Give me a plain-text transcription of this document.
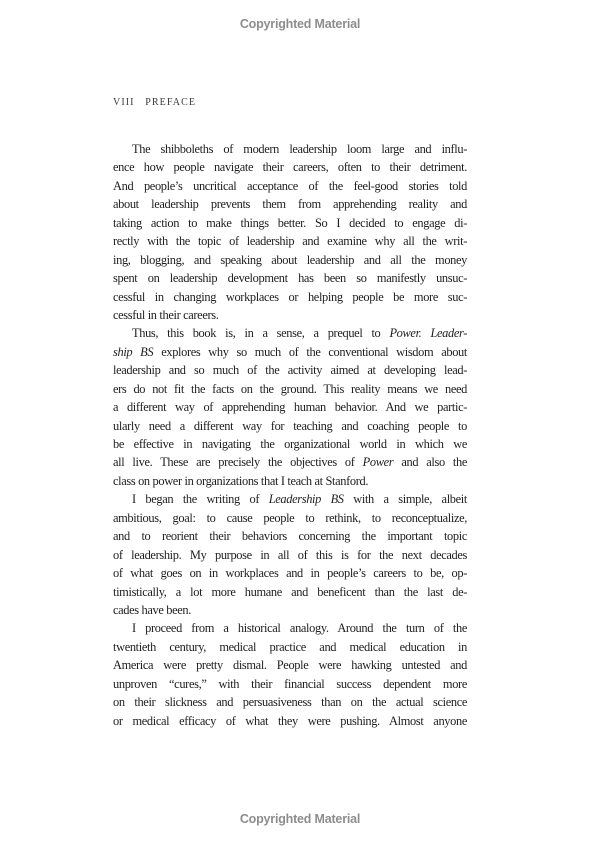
Copyrighted Material
VIII PREFACE
The shibboleths of modern leadership loom large and influ-
ence how people navigate their careers, often to their detriment.
And people’s uncritical acceptance of the feel-good stories told
about leadership prevents them from apprehending reality and
taking action to make things better. So I decided to engage di-
rectly with the topic of leadership and examine why all the writ-
ing, blogging, and speaking about leadership and all the money
spent on leadership development has been so manifestly unsuc-
cessful in changing workplaces or helping people be more suc-
cessful in their careers.
Thus, this book is, in a sense, a prequel to Power. Leader-
ship BS explores why so much of the conventional wisdom about
leadership and so much of the activity aimed at developing lead-
ers do not fit the facts on the ground. This reality means we need
a different way of apprehending human behavior. And we partic-
ularly need a different way for teaching and coaching people to
be effective in navigating the organizational world in which we
all live. These are precisely the objectives of Power and also the
class on power in organizations that I teach at Stanford.
I began the writing of Leadership BS with a simple, albeit
ambitious, goal: to cause people to rethink, to reconceptualize,
and to reorient their behaviors concerning the important topic
of leadership. My purpose in all of this is for the next decades
of what goes on in workplaces and in people’s careers to be, op-
timistically, a lot more humane and beneficent than the last de-
cades have been.
I proceed from a historical analogy. Around the turn of the
twentieth century, medical practice and medical education in
America were pretty dismal. People were hawking untested and
unproven “cures,” with their financial success dependent more
on their slickness and persuasiveness than on the actual science
or medical efficacy of what they were pushing. Almost anyone
Copyrighted Material
